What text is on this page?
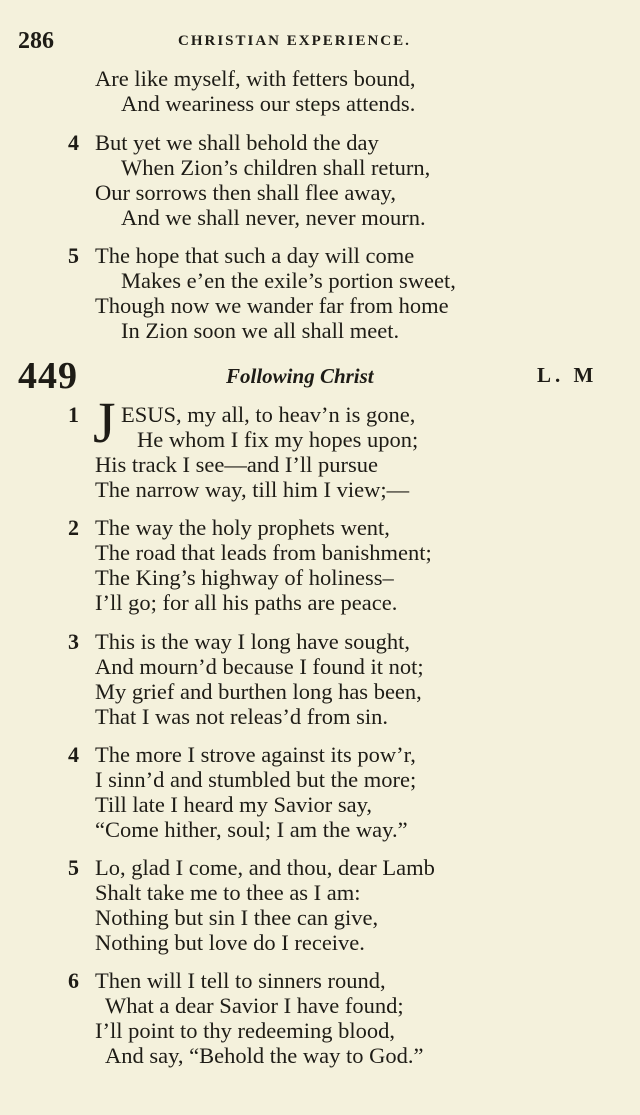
286	CHRISTIAN EXPERIENCE.
Are like myself, with fetters bound,
And weariness our steps attends.
4 But yet we shall behold the day
When Zion’s children shall return,
Our sorrows then shall flee away,
And we shall never, never mourn.
5 The hope that such a day will come
Makes e’en the exile’s portion sweet,
Though now we wander far from home
In Zion soon we all shall meet.
449	Following Christ	L. M
1 J ESUS, my all, to heav’n is gone,
He whom I fix my hopes upon;
His track I see—and I’ll pursue
The narrow way, till him I view;—
2 The way the holy prophets went,
The road that leads from banishment;
The King’s highway of holiness–
I’ll go; for all his paths are peace.
3 This is the way I long have sought,
And mourn’d because I found it not;
My grief and burthen long has been,
That I was not releas’d from sin.
4 The more I strove against its pow’r,
I sinn’d and stumbled but the more;
Till late I heard my Savior say,
“Come hither, soul; I am the way.”
5 Lo, glad I come, and thou, dear Lamb
Shalt take me to thee as I am:
Nothing but sin I thee can give,
Nothing but love do I receive.
6 Then will I tell to sinners round,
What a dear Savior I have found;
I’ll point to thy redeeming blood,
And say, “Behold the way to God.”
